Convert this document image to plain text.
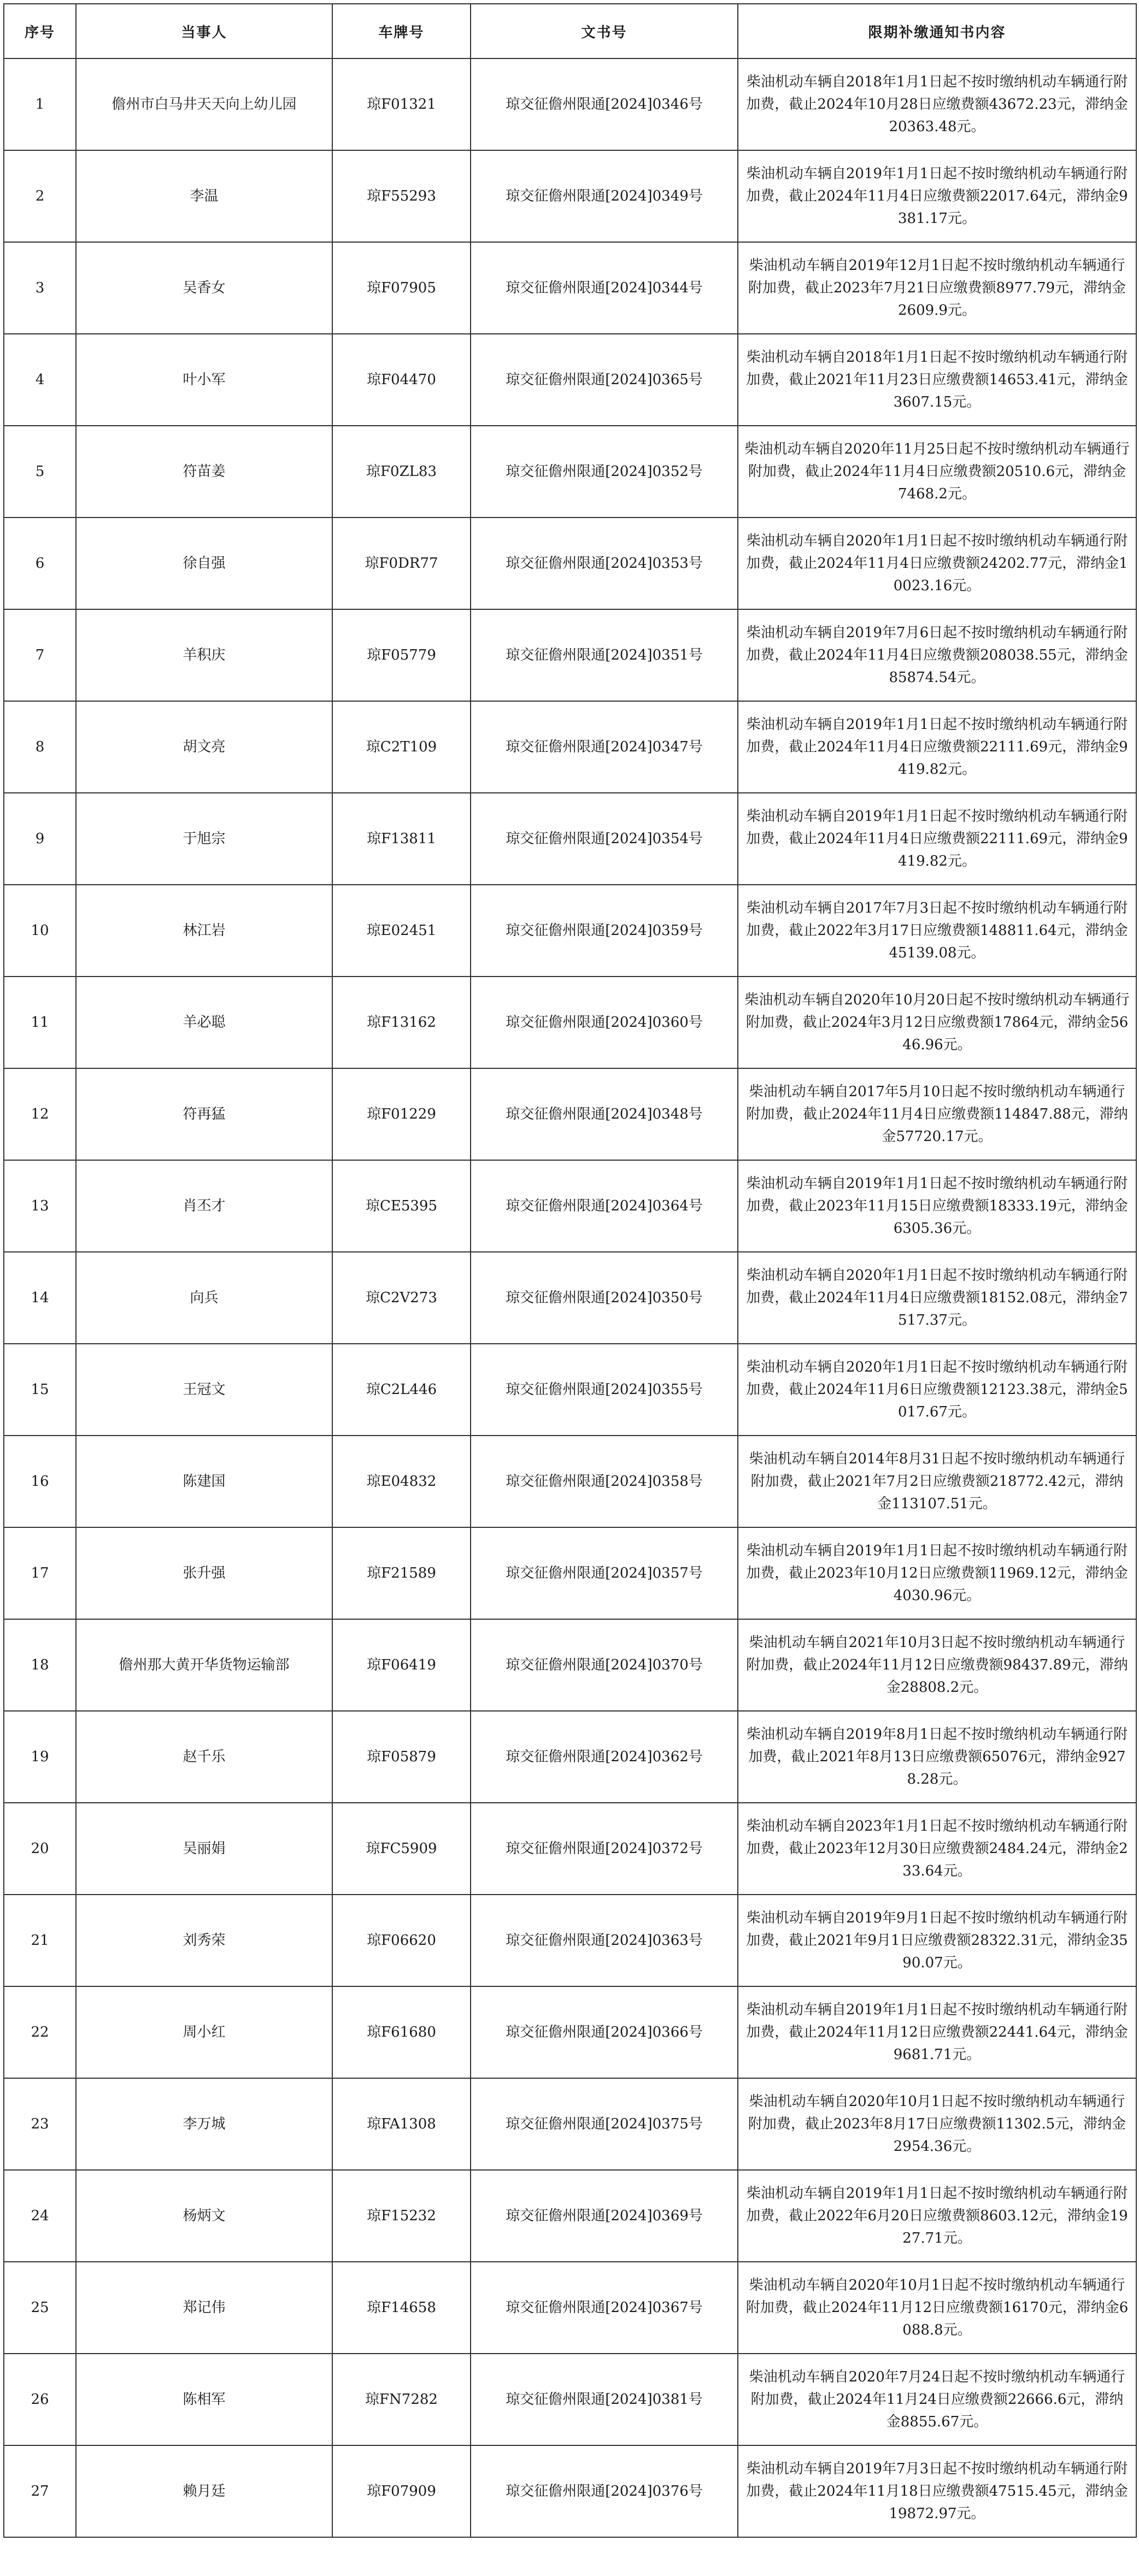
序号	当事人	车牌号	文书号	限期补缴通知书内容
1	儋州市白马井天天向上幼儿园	琼F01321	琼交征儋州限通[2024]0346号	柴油机动车辆自2018年1月1日起不按时缴纳机动车辆通行附加费，截止2024年10月28日应缴费额43672.23元，滞纳金20363.48元。
2	李温	琼F55293	琼交征儋州限通[2024]0349号	柴油机动车辆自2019年1月1日起不按时缴纳机动车辆通行附加费，截止2024年11月4日应缴费额22017.64元，滞纳金9381.17元。
3	吴香女	琼F07905	琼交征儋州限通[2024]0344号	柴油机动车辆自2019年12月1日起不按时缴纳机动车辆通行附加费，截止2023年7月21日应缴费额8977.79元，滞纳金2609.9元。
4	叶小军	琼F04470	琼交征儋州限通[2024]0365号	柴油机动车辆自2018年1月1日起不按时缴纳机动车辆通行附加费，截止2021年11月23日应缴费额14653.41元，滞纳金3607.15元。
5	符苗姜	琼F0ZL83	琼交征儋州限通[2024]0352号	柴油机动车辆自2020年11月25日起不按时缴纳机动车辆通行附加费，截止2024年11月4日应缴费额20510.6元，滞纳金7468.2元。
6	徐自强	琼F0DR77	琼交征儋州限通[2024]0353号	柴油机动车辆自2020年1月1日起不按时缴纳机动车辆通行附加费，截止2024年11月4日应缴费额24202.77元，滞纳金10023.16元。
7	羊积庆	琼F05779	琼交征儋州限通[2024]0351号	柴油机动车辆自2019年7月6日起不按时缴纳机动车辆通行附加费，截止2024年11月4日应缴费额208038.55元，滞纳金85874.54元。
8	胡文亮	琼C2T109	琼交征儋州限通[2024]0347号	柴油机动车辆自2019年1月1日起不按时缴纳机动车辆通行附加费，截止2024年11月4日应缴费额22111.69元，滞纳金9419.82元。
9	于旭宗	琼F13811	琼交征儋州限通[2024]0354号	柴油机动车辆自2019年1月1日起不按时缴纳机动车辆通行附加费，截止2024年11月4日应缴费额22111.69元，滞纳金9419.82元。
10	林江岩	琼E02451	琼交征儋州限通[2024]0359号	柴油机动车辆自2017年7月3日起不按时缴纳机动车辆通行附加费，截止2022年3月17日应缴费额148811.64元，滞纳金45139.08元。
11	羊必聪	琼F13162	琼交征儋州限通[2024]0360号	柴油机动车辆自2020年10月20日起不按时缴纳机动车辆通行附加费，截止2024年3月12日应缴费额17864元，滞纳金5646.96元。
12	符再猛	琼F01229	琼交征儋州限通[2024]0348号	柴油机动车辆自2017年5月10日起不按时缴纳机动车辆通行附加费，截止2024年11月4日应缴费额114847.88元，滞纳金57720.17元。
13	肖丕才	琼CE5395	琼交征儋州限通[2024]0364号	柴油机动车辆自2019年1月1日起不按时缴纳机动车辆通行附加费，截止2023年11月15日应缴费额18333.19元，滞纳金6305.36元。
14	向兵	琼C2V273	琼交征儋州限通[2024]0350号	柴油机动车辆自2020年1月1日起不按时缴纳机动车辆通行附加费，截止2024年11月4日应缴费额18152.08元，滞纳金7517.37元。
15	王冠文	琼C2L446	琼交征儋州限通[2024]0355号	柴油机动车辆自2020年1月1日起不按时缴纳机动车辆通行附加费，截止2024年11月6日应缴费额12123.38元，滞纳金5017.67元。
16	陈建国	琼E04832	琼交征儋州限通[2024]0358号	柴油机动车辆自2014年8月31日起不按时缴纳机动车辆通行附加费，截止2021年7月2日应缴费额218772.42元，滞纳金113107.51元。
17	张升强	琼F21589	琼交征儋州限通[2024]0357号	柴油机动车辆自2019年1月1日起不按时缴纳机动车辆通行附加费，截止2023年10月12日应缴费额11969.12元，滞纳金4030.96元。
18	儋州那大黄开华货物运输部	琼F06419	琼交征儋州限通[2024]0370号	柴油机动车辆自2021年10月3日起不按时缴纳机动车辆通行附加费，截止2024年11月12日应缴费额98437.89元，滞纳金28808.2元。
19	赵千乐	琼F05879	琼交征儋州限通[2024]0362号	柴油机动车辆自2019年8月1日起不按时缴纳机动车辆通行附加费，截止2021年8月13日应缴费额65076元，滞纳金9278.28元。
20	吴丽娟	琼FC5909	琼交征儋州限通[2024]0372号	柴油机动车辆自2023年1月1日起不按时缴纳机动车辆通行附加费，截止2023年12月30日应缴费额2484.24元，滞纳金233.64元。
21	刘秀荣	琼F06620	琼交征儋州限通[2024]0363号	柴油机动车辆自2019年9月1日起不按时缴纳机动车辆通行附加费，截止2021年9月1日应缴费额28322.31元，滞纳金3590.07元。
22	周小红	琼F61680	琼交征儋州限通[2024]0366号	柴油机动车辆自2019年1月1日起不按时缴纳机动车辆通行附加费，截止2024年11月12日应缴费额22441.64元，滞纳金9681.71元。
23	李万城	琼FA1308	琼交征儋州限通[2024]0375号	柴油机动车辆自2020年10月1日起不按时缴纳机动车辆通行附加费，截止2023年8月17日应缴费额11302.5元，滞纳金2954.36元。
24	杨炳文	琼F15232	琼交征儋州限通[2024]0369号	柴油机动车辆自2019年1月1日起不按时缴纳机动车辆通行附加费，截止2022年6月20日应缴费额8603.12元，滞纳金1927.71元。
25	郑记伟	琼F14658	琼交征儋州限通[2024]0367号	柴油机动车辆自2020年10月1日起不按时缴纳机动车辆通行附加费，截止2024年11月12日应缴费额16170元，滞纳金6088.8元。
26	陈相军	琼FN7282	琼交征儋州限通[2024]0381号	柴油机动车辆自2020年7月24日起不按时缴纳机动车辆通行附加费，截止2024年11月24日应缴费额22666.6元，滞纳金8855.67元。
27	赖月廷	琼F07909	琼交征儋州限通[2024]0376号	柴油机动车辆自2019年7月3日起不按时缴纳机动车辆通行附加费，截止2024年11月18日应缴费额47515.45元，滞纳金19872.97元。
